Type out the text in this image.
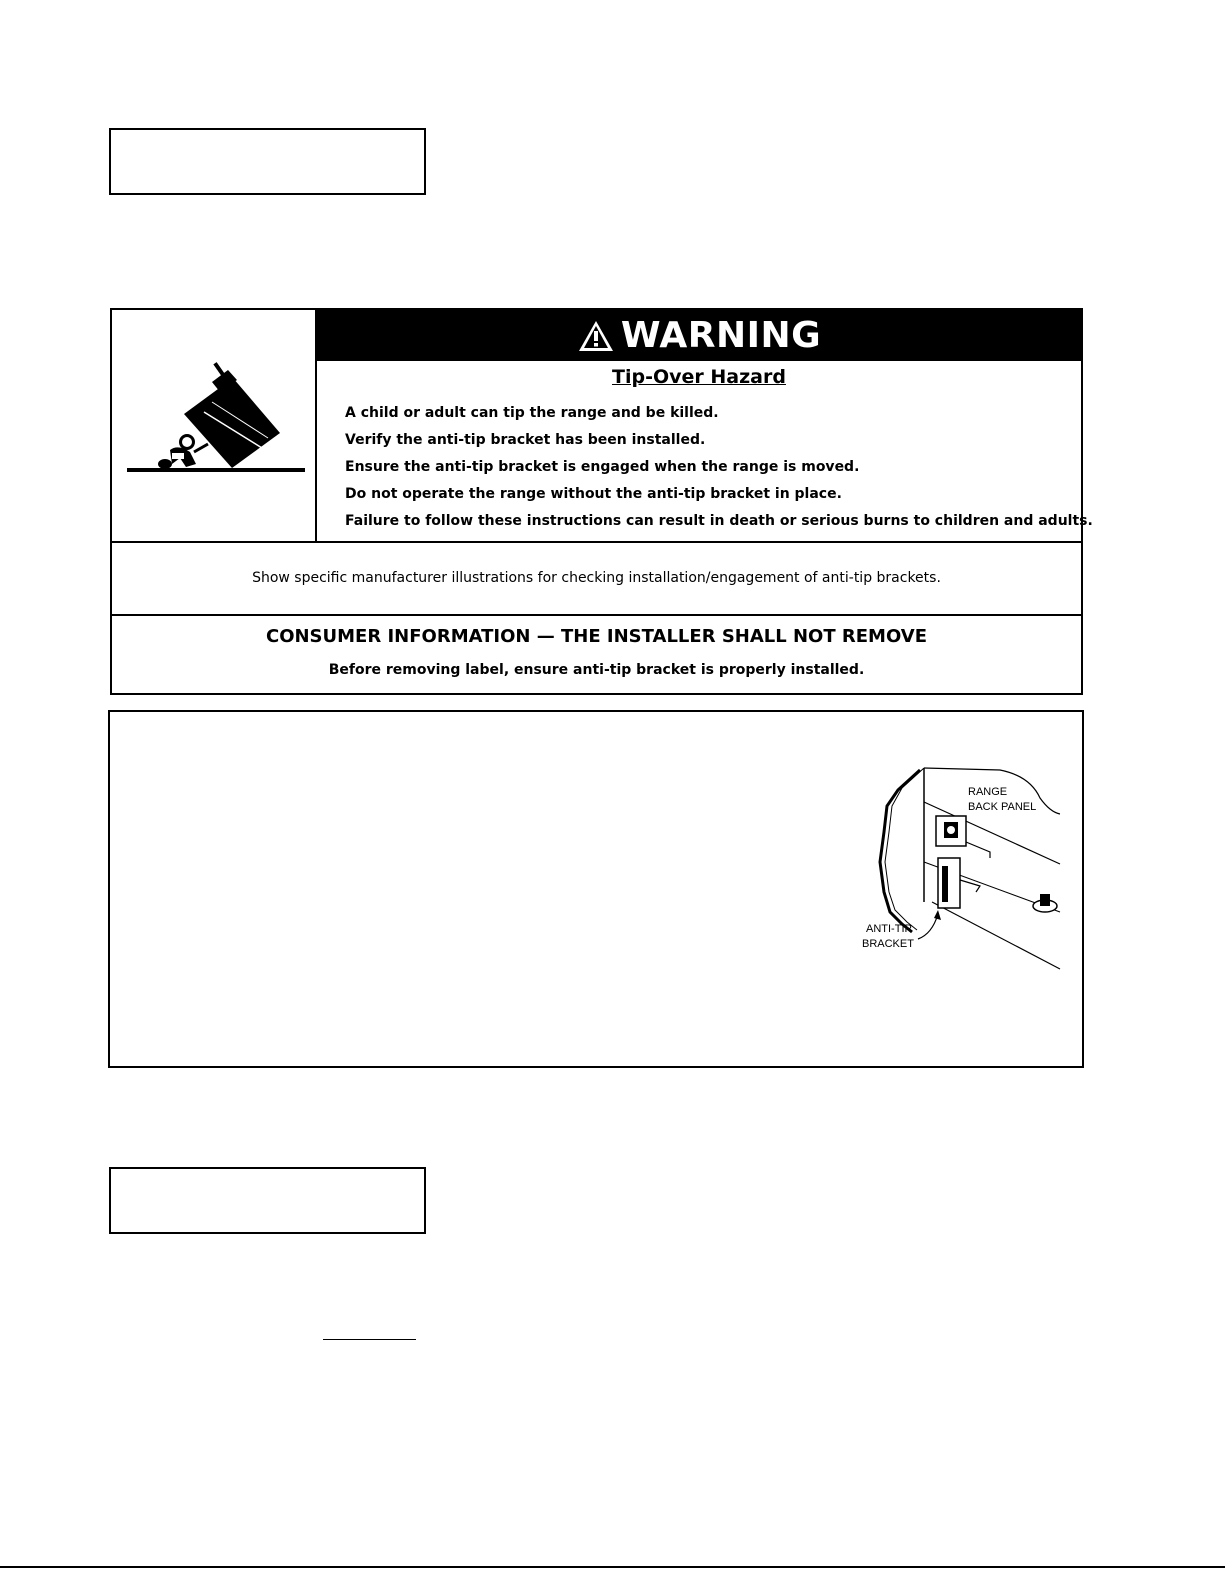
WARNING
Tip-Over Hazard
A child or adult can tip the range and be killed.
Verify the anti-tip bracket has been installed.
Ensure the anti-tip bracket is engaged when the range is moved.
Do not operate the range without the anti-tip bracket in place.
Failure to follow these instructions can result in death or serious burns to children and adults.
Show specific manufacturer illustrations for checking installation/engagement of anti-tip brackets.
CONSUMER INFORMATION — THE INSTALLER SHALL NOT REMOVE
Before removing label, ensure anti-tip bracket is properly installed.
RANGE
BACK PANEL
ANTI-TIP
BRACKET
